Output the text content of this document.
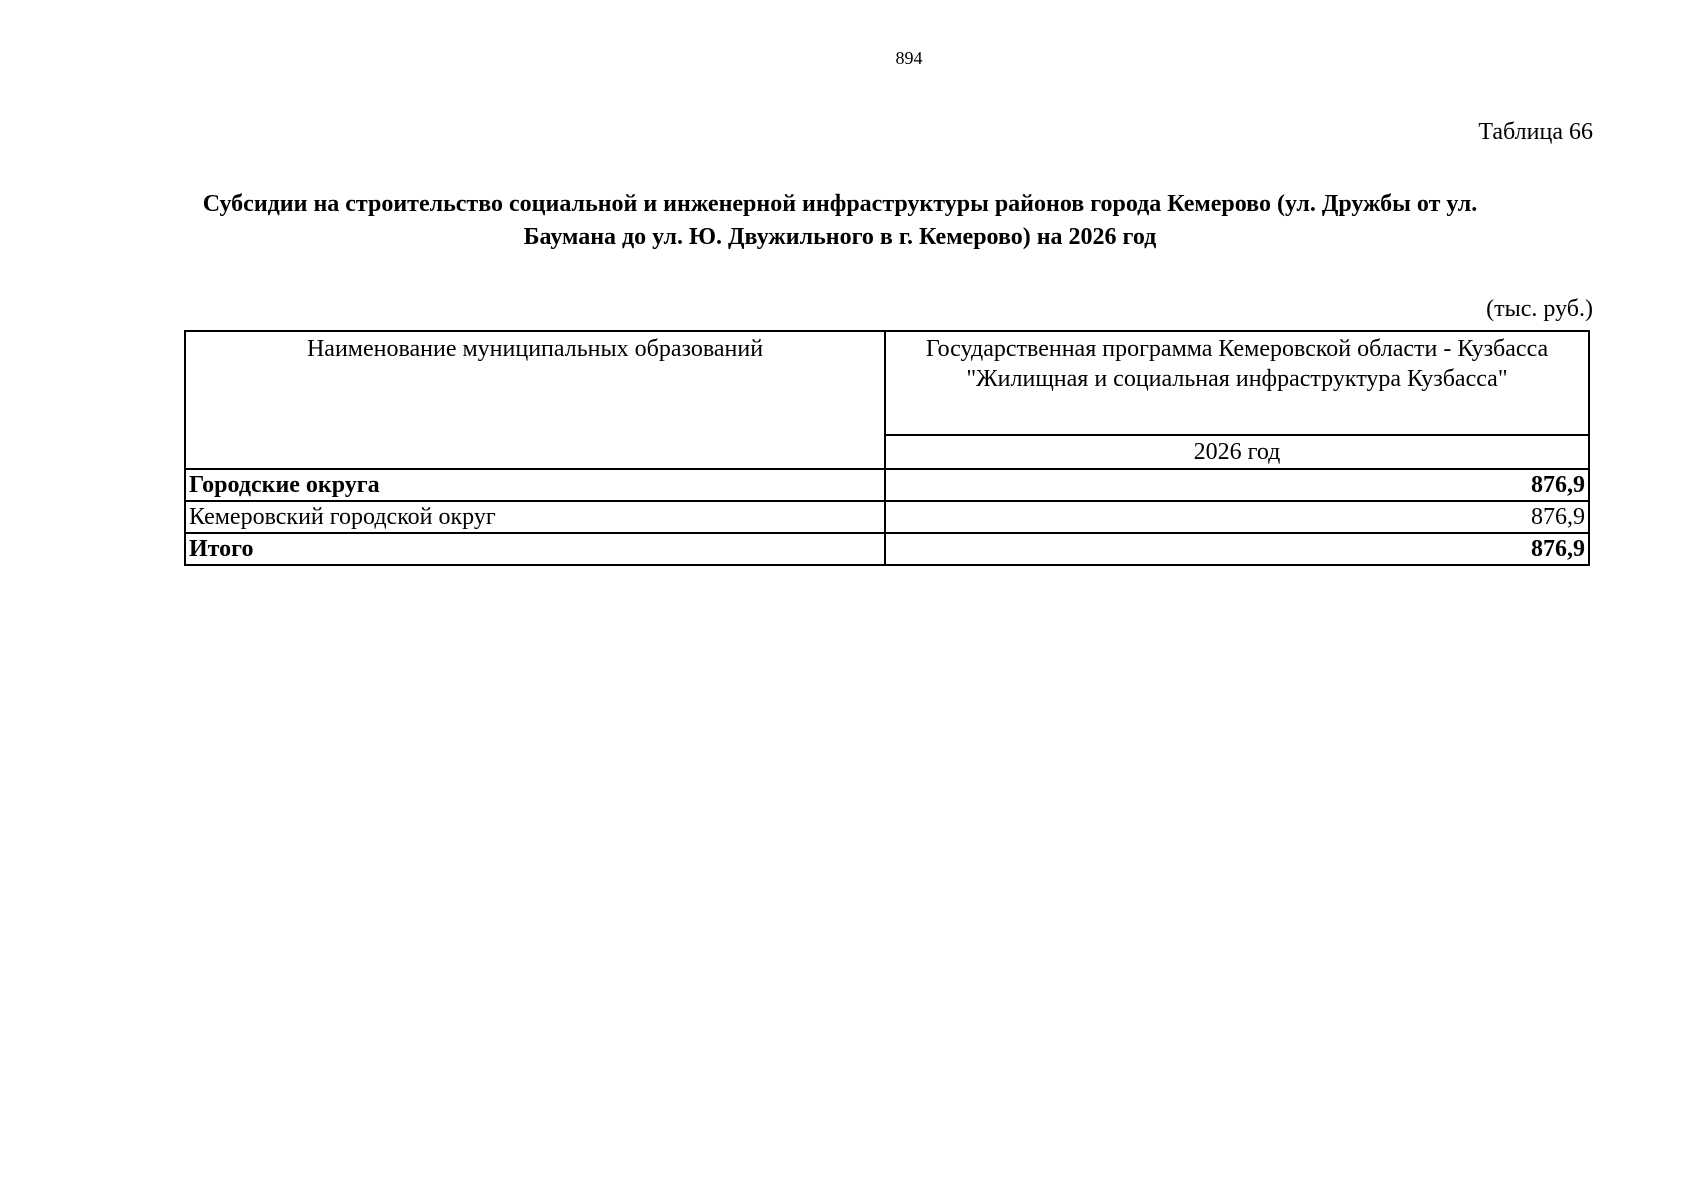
894
Таблица 66
Субсидии на строительство социальной и инженерной инфраструктуры районов города Кемерово (ул. Дружбы от ул. Баумана до ул. Ю. Двужильного в г. Кемерово) на 2026 год
(тыс. руб.)
Наименование муниципальных образований	Государственная программа Кемеровской области - Кузбасса
"Жилищная и социальная инфраструктура Кузбасса"

	2026 год
Городские округа	876,9
Кемеровский городской округ	876,9
Итого	876,9
